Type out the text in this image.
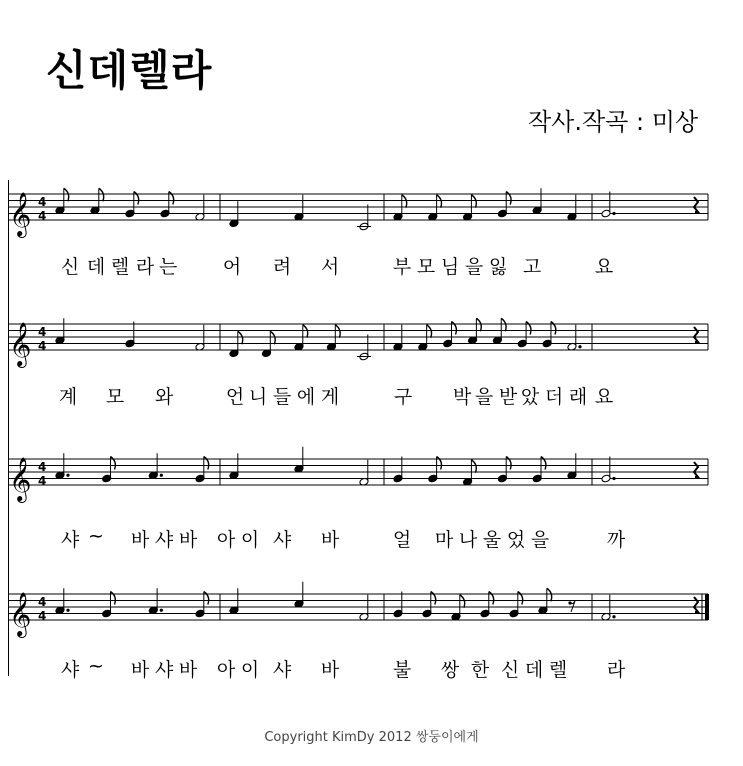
신데렐라
작사.작곡 : 미상
𝄞 4
4
𝄞 4
4
𝄞 4
4
𝄞 4
4
Copyright KimDy 2012 쌍둥이에게
신 데 렐 라 는 어 려 서	부 모 님 을 잃 고	요
계 모 와	언 니 들 에 게	구 박 을 받 았 더 래 요
샤 ~ 바 샤 바 아 이 샤 바	얼 마 나 울 었 을	까
샤 ~ 바 샤 바 아 이 샤 바	불 쌍 한 신 데 렐 라
